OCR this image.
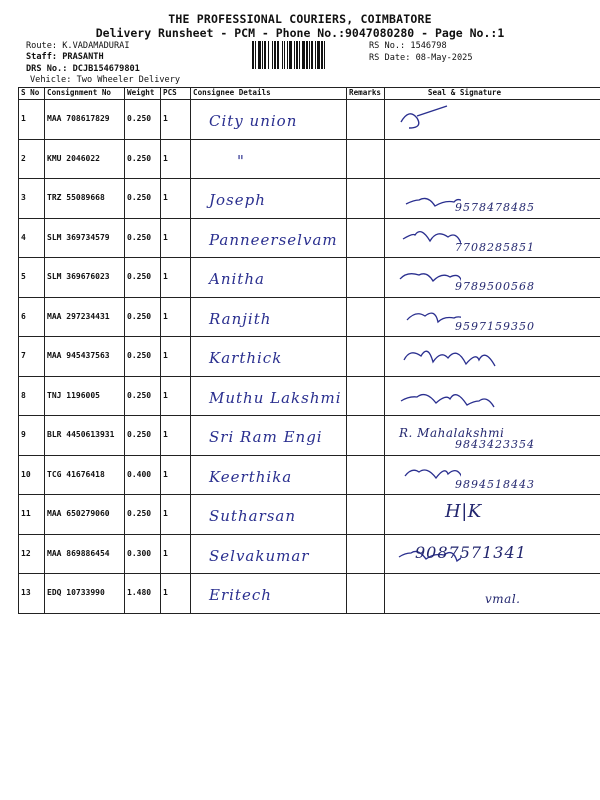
THE PROFESSIONAL COURIERS, COIMBATORE
Delivery Runsheet - PCM - Phone No.:9047080280 - Page No.:1
Route: K.VADAMADURAI
Staff: PRASANTH
DRS No.: DCJB154679801
Vehicle: Two Wheeler Delivery
RS No.: 1546798
RS Date: 08-May-2025
S No	Consignment No	Weight	PCS	Consignee Details	Remarks	Seal & Signature
1	MAA 708617829	0.250	1	City union

2	KMU 2046022	0.250	1	"		

3	TRZ 55089668	0.250	1	Joseph		9578478485

4	SLM 369734579	0.250	1	Panneerselvam		7708285851

5	SLM 369676023	0.250	1	Anitha		9789500568

6	MAA 297234431	0.250	1	Ranjith		9597159350

7	MAA 945437563	0.250	1	Karthick

8	TNJ 1196005	0.250	1	Muthu Lakshmi

9	BLR 4450613931	0.250	1	Sri Ram Engi		R. Mahalakshmi
9843423354

10	TCG 41676418	0.400	1	Keerthika		9894518443

11	MAA 650279060	0.250	1	Sutharsan		H|K

12	MAA 869886454	0.300	1	Selvakumar		9087571341

13	EDQ 10733990	1.480	1	Eritech		vmal.
